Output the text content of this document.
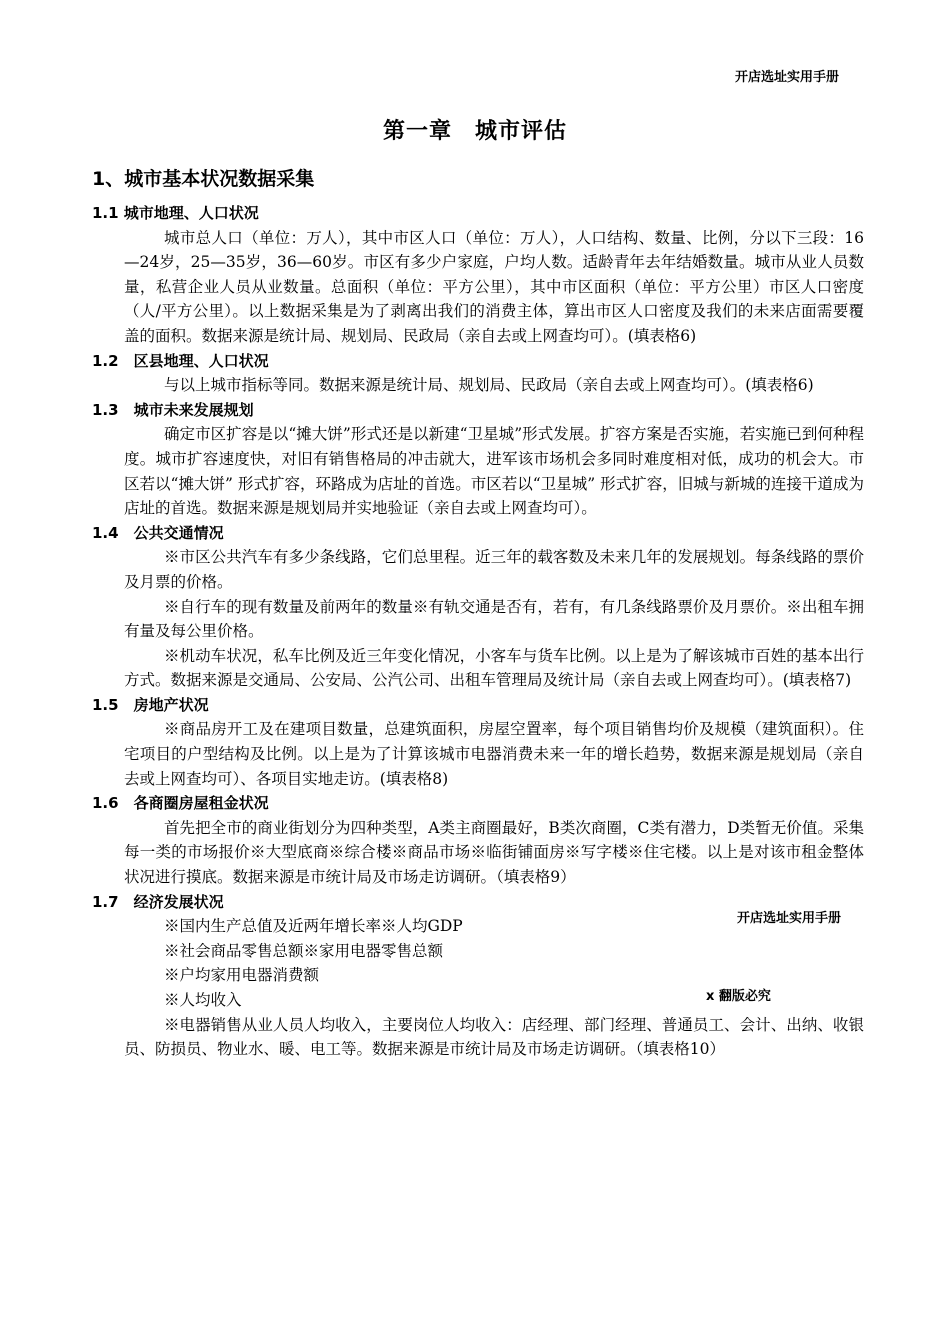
开店选址实用手册
第一章　城市评估
1、城市基本状况数据采集
1.1 城市地理、人口状况
城市总人口（单位：万人），其中市区人口（单位：万人），人口结构、数量、比例，分以下三段：16—24岁，25—35岁，36—60岁。市区有多少户家庭，户均人数。适龄青年去年结婚数量。城市从业人员数量，私营企业人员从业数量。总面积（单位：平方公里），其中市区面积（单位：平方公里）市区人口密度（人/平方公里）。以上数据采集是为了剥离出我们的消费主体，算出市区人口密度及我们的未来店面需要覆盖的面积。数据来源是统计局、规划局、民政局（亲自去或上网查均可）。(填表格6)
1.2　区县地理、人口状况
与以上城市指标等同。数据来源是统计局、规划局、民政局（亲自去或上网查均可）。(填表格6)
1.3　城市未来发展规划
确定市区扩容是以“摊大饼”形式还是以新建“卫星城”形式发展。扩容方案是否实施，若实施已到何种程度。城市扩容速度快，对旧有销售格局的冲击就大，进军该市场机会多同时难度相对低，成功的机会大。市区若以“摊大饼” 形式扩容，环路成为店址的首选。市区若以“卫星城” 形式扩容，旧城与新城的连接干道成为店址的首选。数据来源是规划局并实地验证（亲自去或上网查均可）。
1.4　公共交通情况
※市区公共汽车有多少条线路，它们总里程。近三年的载客数及未来几年的发展规划。每条线路的票价及月票的价格。
※自行车的现有数量及前两年的数量※有轨交通是否有，若有，有几条线路票价及月票价。※出租车拥有量及每公里价格。
※机动车状况，私车比例及近三年变化情况，小客车与货车比例。以上是为了解该城市百姓的基本出行方式。数据来源是交通局、公安局、公汽公司、出租车管理局及统计局（亲自去或上网查均可）。(填表格7)
1.5　房地产状况
※商品房开工及在建项目数量，总建筑面积，房屋空置率，每个项目销售均价及规模（建筑面积）。住宅项目的户型结构及比例。以上是为了计算该城市电器消费未来一年的增长趋势，数据来源是规划局（亲自去或上网查均可）、各项目实地走访。(填表格8)
1.6　各商圈房屋租金状况
首先把全市的商业街划分为四种类型，A类主商圈最好，B类次商圈，C类有潜力，D类暂无价值。采集每一类的市场报价※大型底商※综合楼※商品市场※临街铺面房※写字楼※住宅楼。以上是对该市租金整体状况进行摸底。数据来源是市统计局及市场走访调研。（填表格9）
1.7　经济发展状况
※国内生产总值及近两年增长率※人均GDP
※社会商品零售总额※家用电器零售总额
※户均家用电器消费额
※人均收入
※电器销售从业人员人均收入，主要岗位人均收入：店经理、部门经理、普通员工、会计、出纳、收银员、防损员、物业水、暖、电工等。数据来源是市统计局及市场走访调研。（填表格10）
开店选址实用手册
x 翻版必究
